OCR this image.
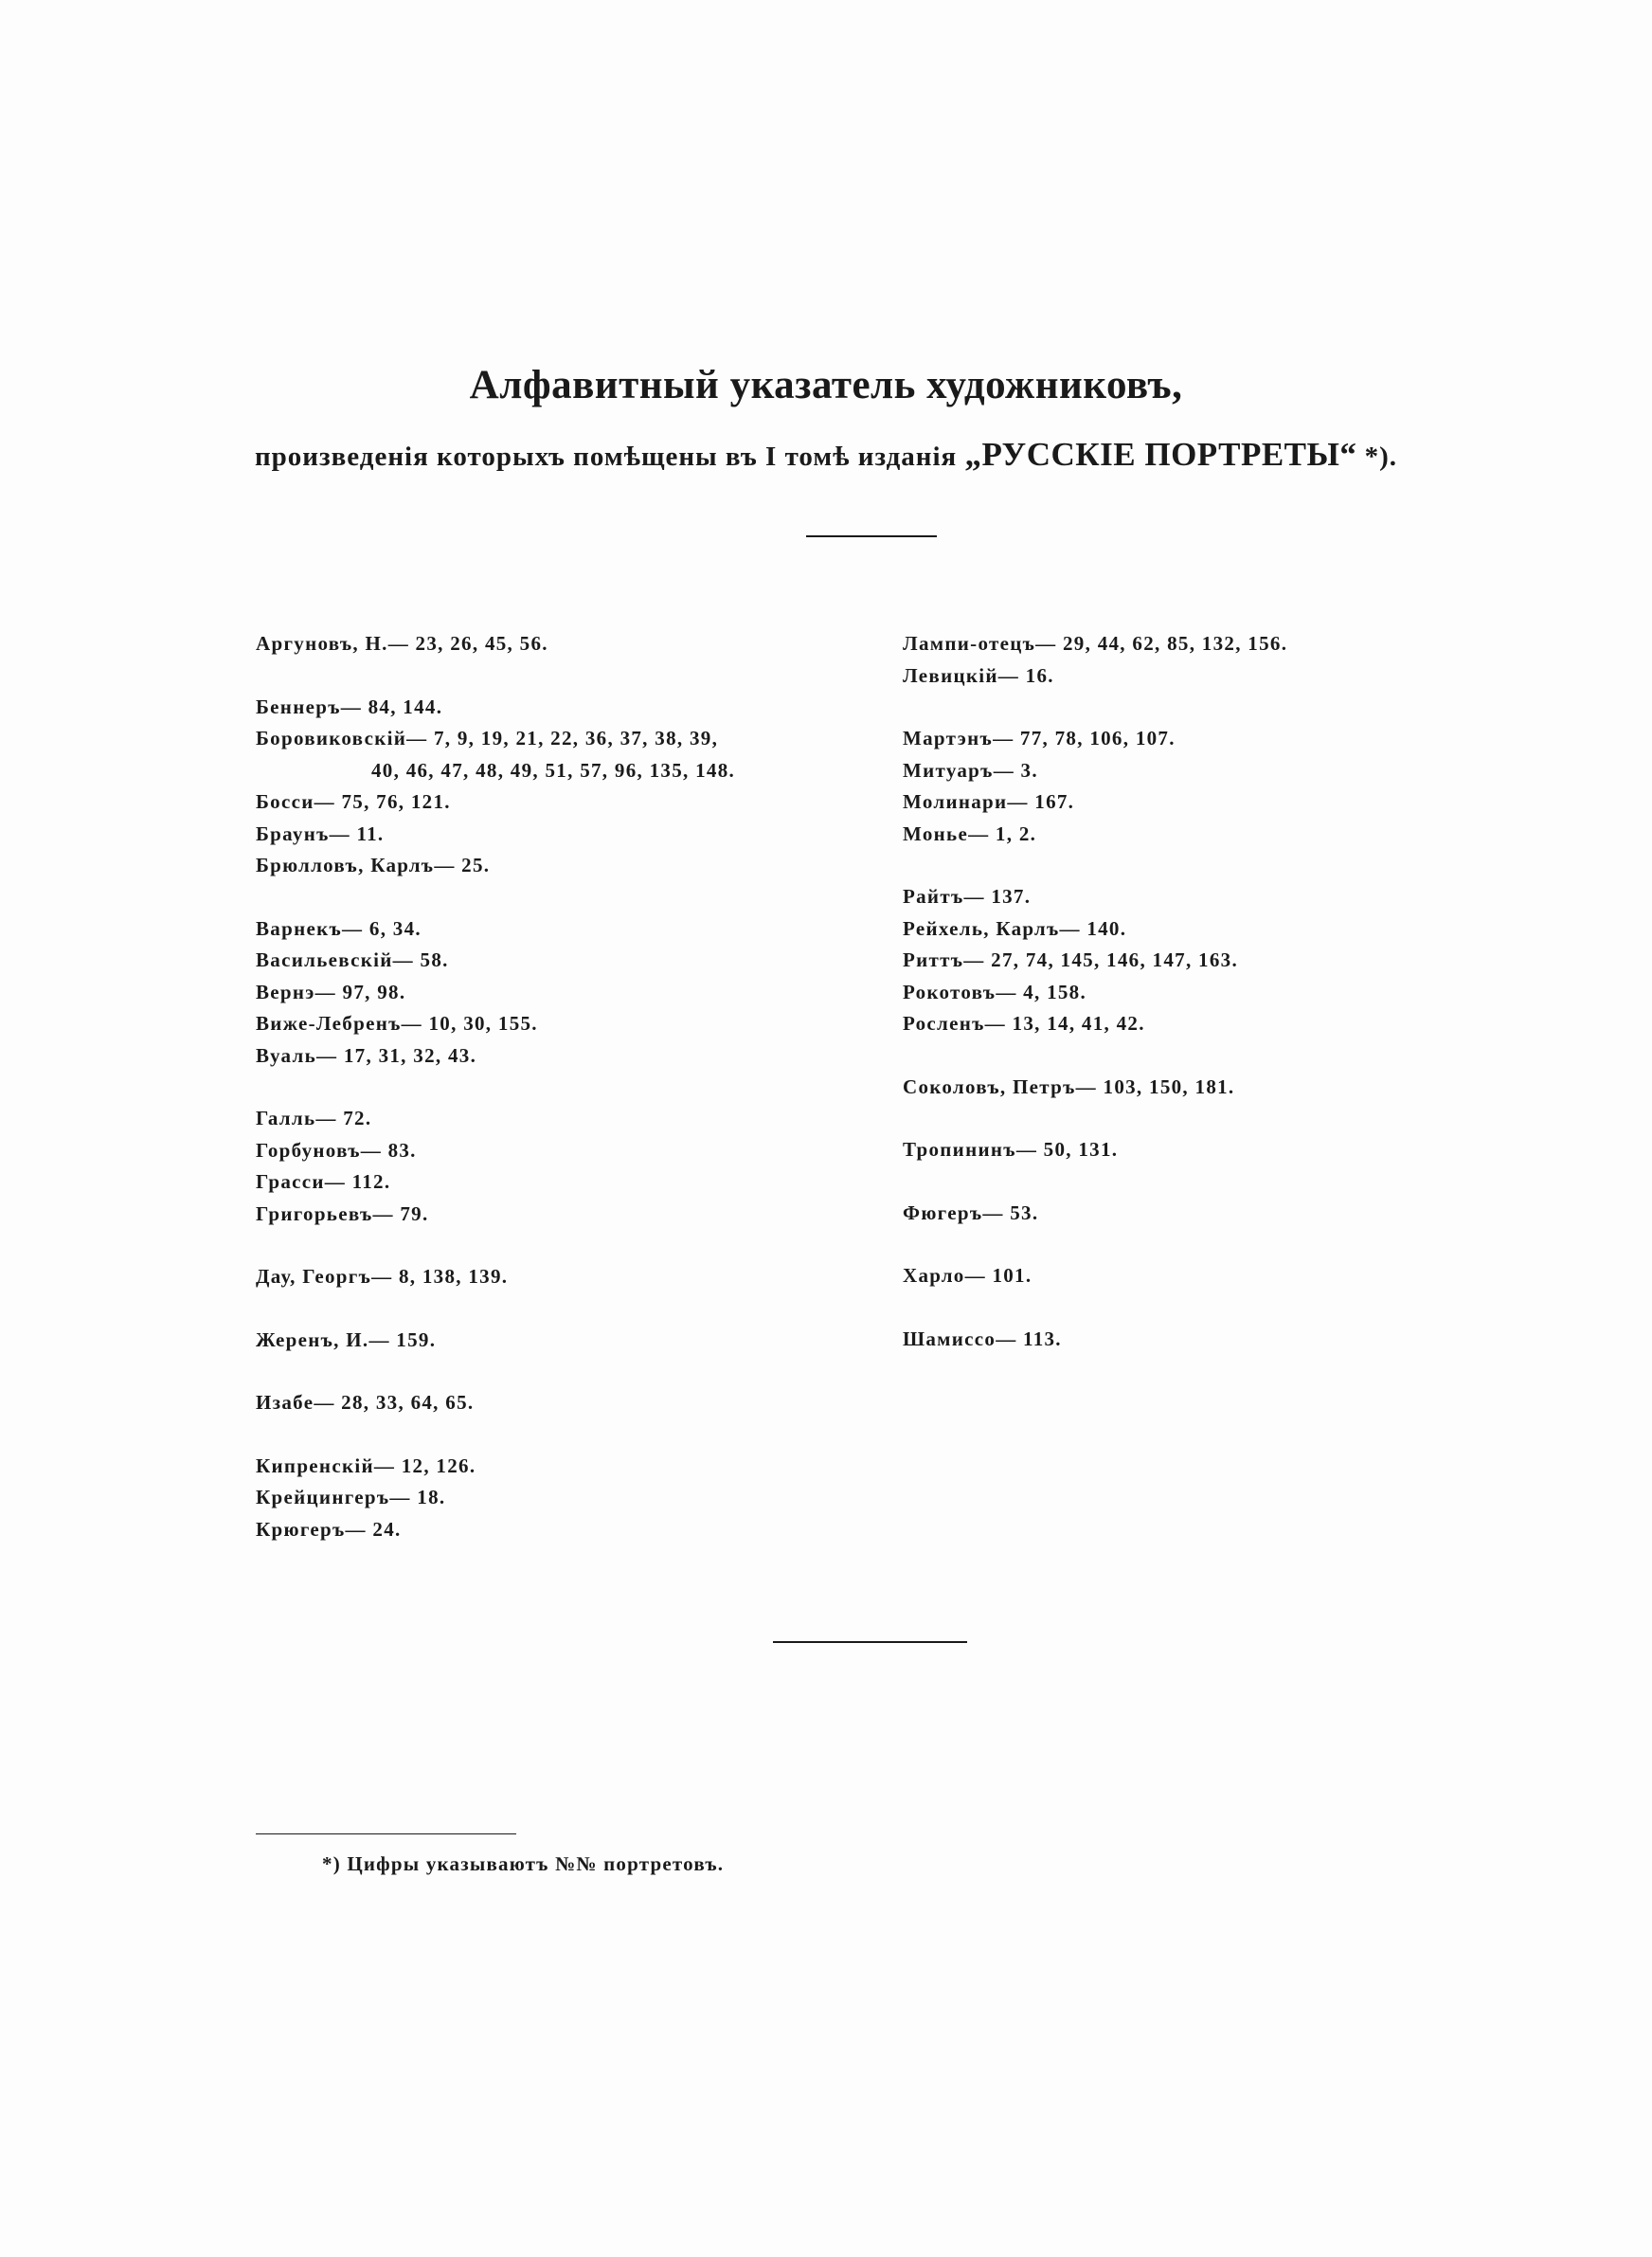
Алфавитный указатель художниковъ,
произведенія которыхъ помѣщены въ I томѣ изданія „РУССКІЕ ПОРТРЕТЫ“ *).
Аргуновъ, Н.— 23, 26, 45, 56.
Беннеръ— 84, 144.
Боровиковскій— 7, 9, 19, 21, 22, 36, 37, 38, 39,
40, 46, 47, 48, 49, 51, 57, 96, 135, 148.
Босси— 75, 76, 121.
Браунъ— 11.
Брюлловъ, Карлъ— 25.
Варнекъ— 6, 34.
Васильевскій— 58.
Вернэ— 97, 98.
Виже-Лебренъ— 10, 30, 155.
Вуаль— 17, 31, 32, 43.
Галль— 72.
Горбуновъ— 83.
Грасси— 112.
Григорьевъ— 79.
Дау, Георгъ— 8, 138, 139.
Жеренъ, И.— 159.
Изабе— 28, 33, 64, 65.
Кипренскій— 12, 126.
Крейцингеръ— 18.
Крюгеръ— 24.
Лампи-отецъ— 29, 44, 62, 85, 132, 156.
Левицкій— 16.
Мартэнъ— 77, 78, 106, 107.
Митуаръ— 3.
Молинари— 167.
Монье— 1, 2.
Райтъ— 137.
Рейхель, Карлъ— 140.
Риттъ— 27, 74, 145, 146, 147, 163.
Рокотовъ— 4, 158.
Росленъ— 13, 14, 41, 42.
Соколовъ, Петръ— 103, 150, 181.
Тропининъ— 50, 131.
Фюгеръ— 53.
Харло— 101.
Шамиссо— 113.
*) Цифры указываютъ №№ портретовъ.
